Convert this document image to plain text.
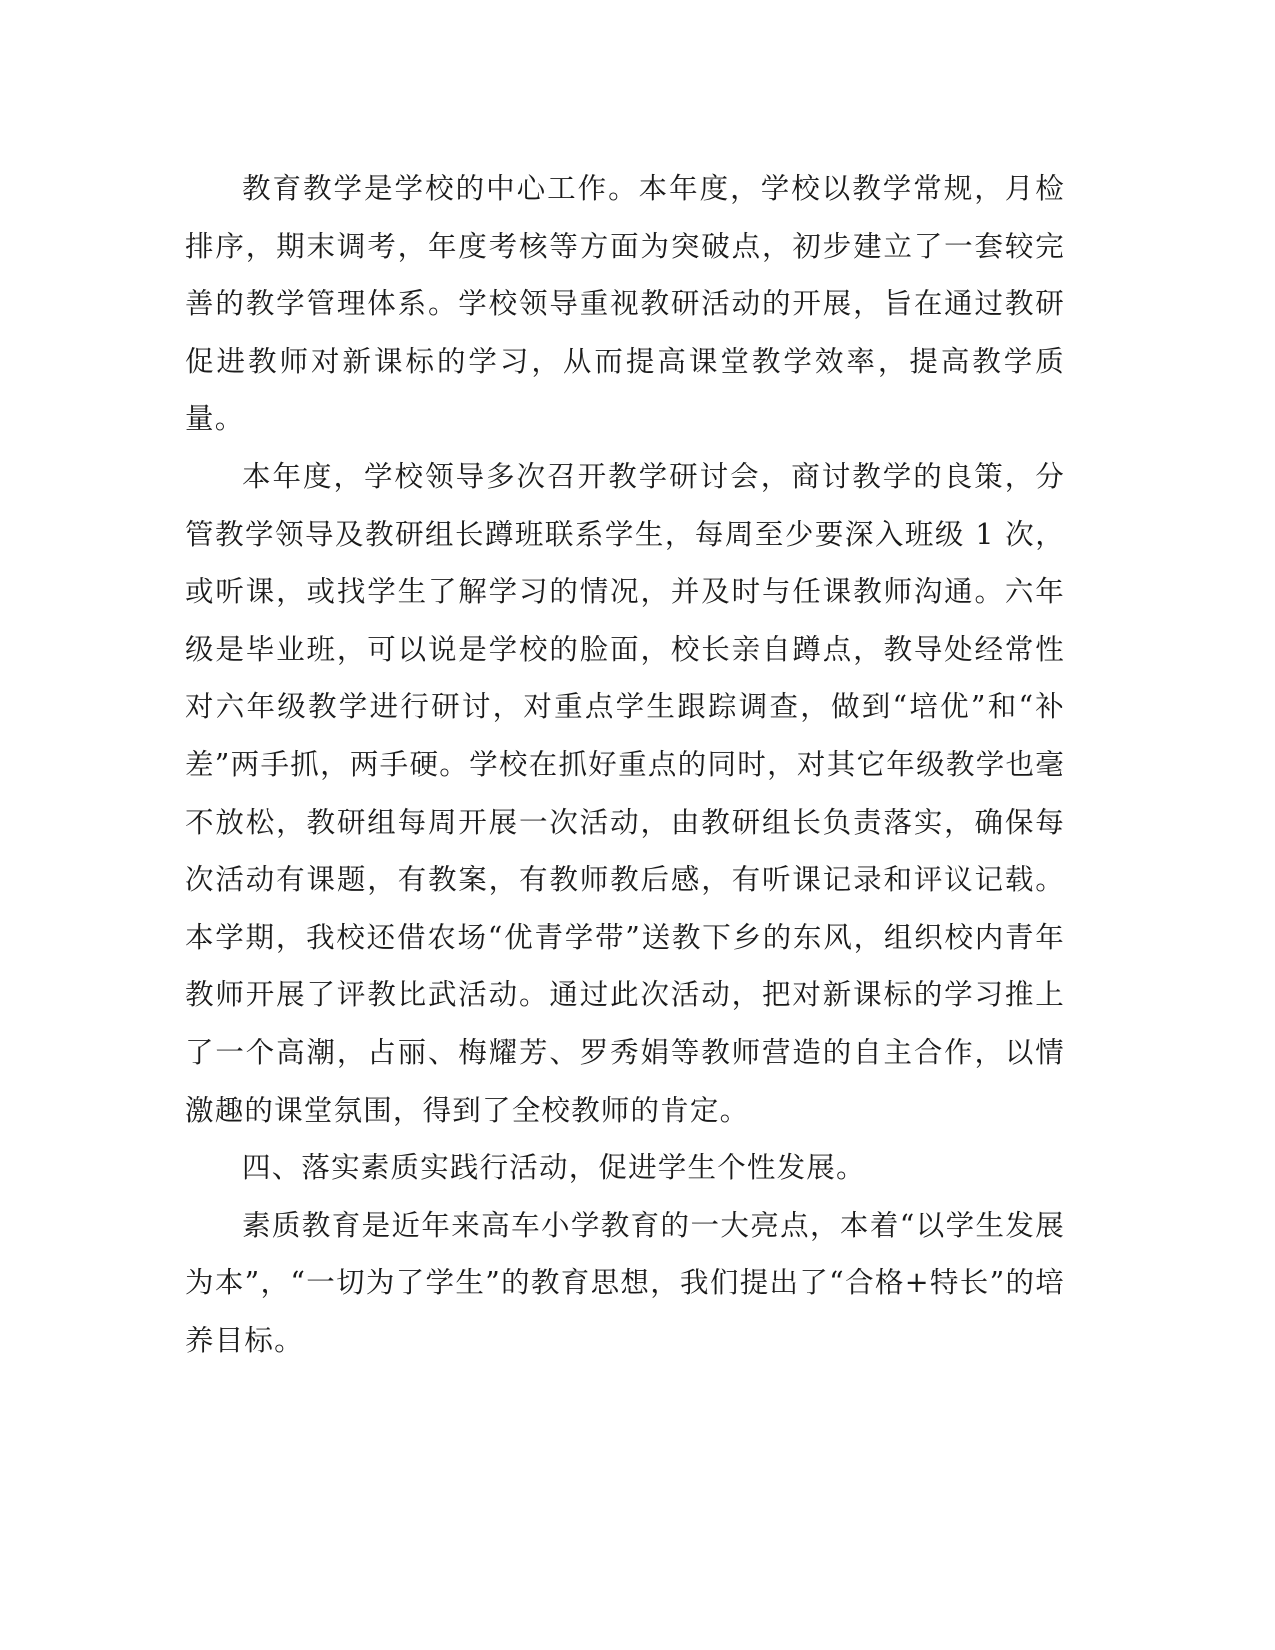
教育教学是学校的中心工作。本年度，学校以教学常规，月检排序，期末调考，年度考核等方面为突破点，初步建立了一套较完善的教学管理体系。学校领导重视教研活动的开展，旨在通过教研促进教师对新课标的学习，从而提高课堂教学效率，提高教学质量。

本年度，学校领导多次召开教学研讨会，商讨教学的良策，分管教学领导及教研组长蹲班联系学生，每周至少要深入班级 1 次，或听课，或找学生了解学习的情况，并及时与任课教师沟通。六年级是毕业班，可以说是学校的脸面，校长亲自蹲点，教导处经常性对六年级教学进行研讨，对重点学生跟踪调查，做到“培优”和“补差”两手抓，两手硬。学校在抓好重点的同时，对其它年级教学也毫不放松，教研组每周开展一次活动，由教研组长负责落实，确保每次活动有课题，有教案，有教师教后感，有听课记录和评议记载。本学期，我校还借农场“优青学带”送教下乡的东风，组织校内青年教师开展了评教比武活动。通过此次活动，把对新课标的学习推上了一个高潮，占丽、梅耀芳、罗秀娟等教师营造的自主合作，以情激趣的课堂氛围，得到了全校教师的肯定。

四、落实素质实践行活动，促进学生个性发展。

素质教育是近年来高车小学教育的一大亮点，本着“以学生发展为本”，“一切为了学生”的教育思想，我们提出了“合格+特长”的培养目标。
